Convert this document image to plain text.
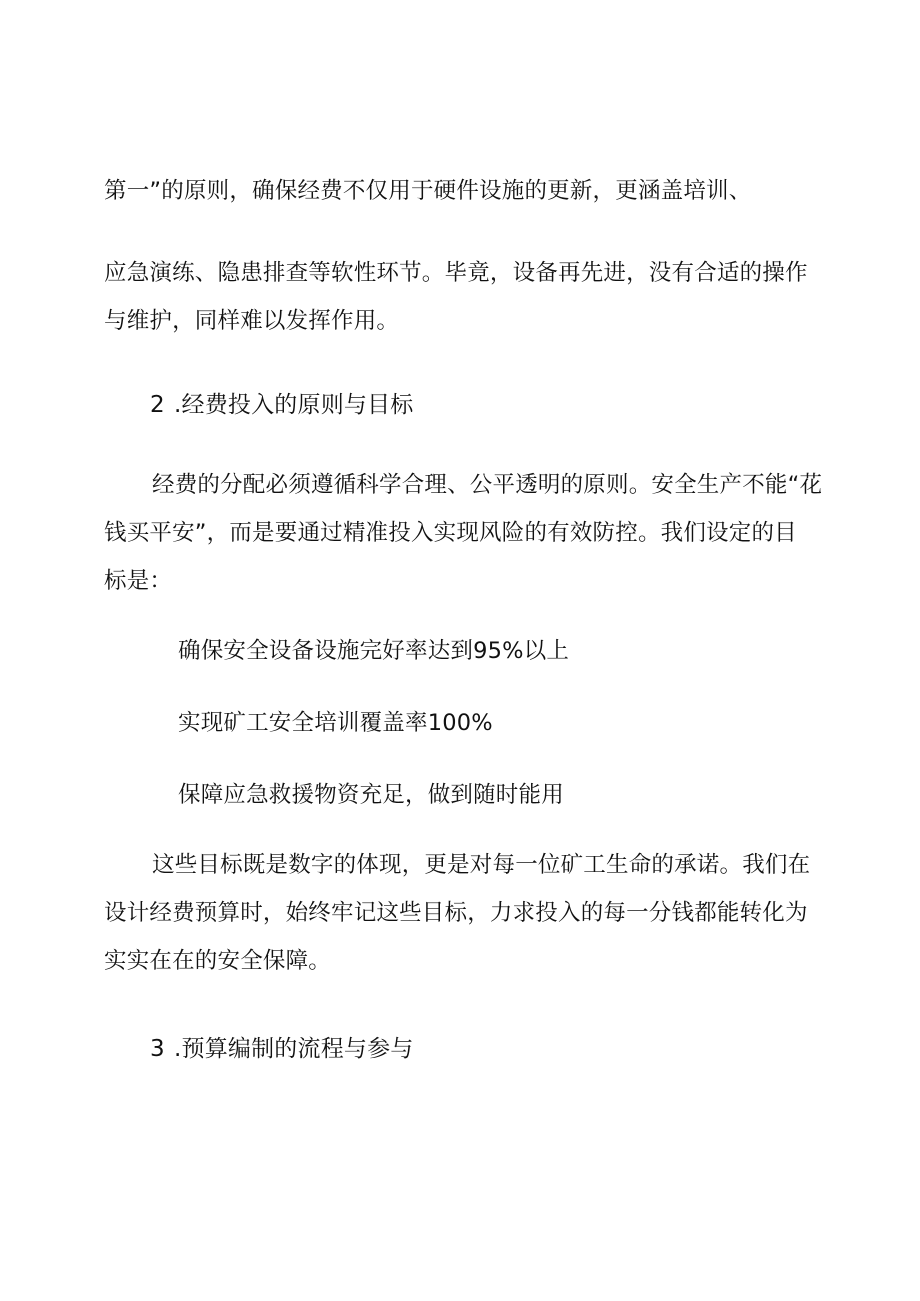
第一”的原则，确保经费不仅用于硬件设施的更新，更涵盖培训、
应急演练、隐患排查等软性环节。毕竟，设备再先进，没有合适的操作
与维护，同样难以发挥作用。
2 .经费投入的原则与目标
经费的分配必须遵循科学合理、公平透明的原则。安全生产不能“花
钱买平安”，而是要通过精准投入实现风险的有效防控。我们设定的目
标是：
确保安全设备设施完好率达到95%以上
实现矿工安全培训覆盖率100%
保障应急救援物资充足，做到随时能用
这些目标既是数字的体现，更是对每一位矿工生命的承诺。我们在
设计经费预算时，始终牢记这些目标，力求投入的每一分钱都能转化为
实实在在的安全保障。
3 .预算编制的流程与参与
